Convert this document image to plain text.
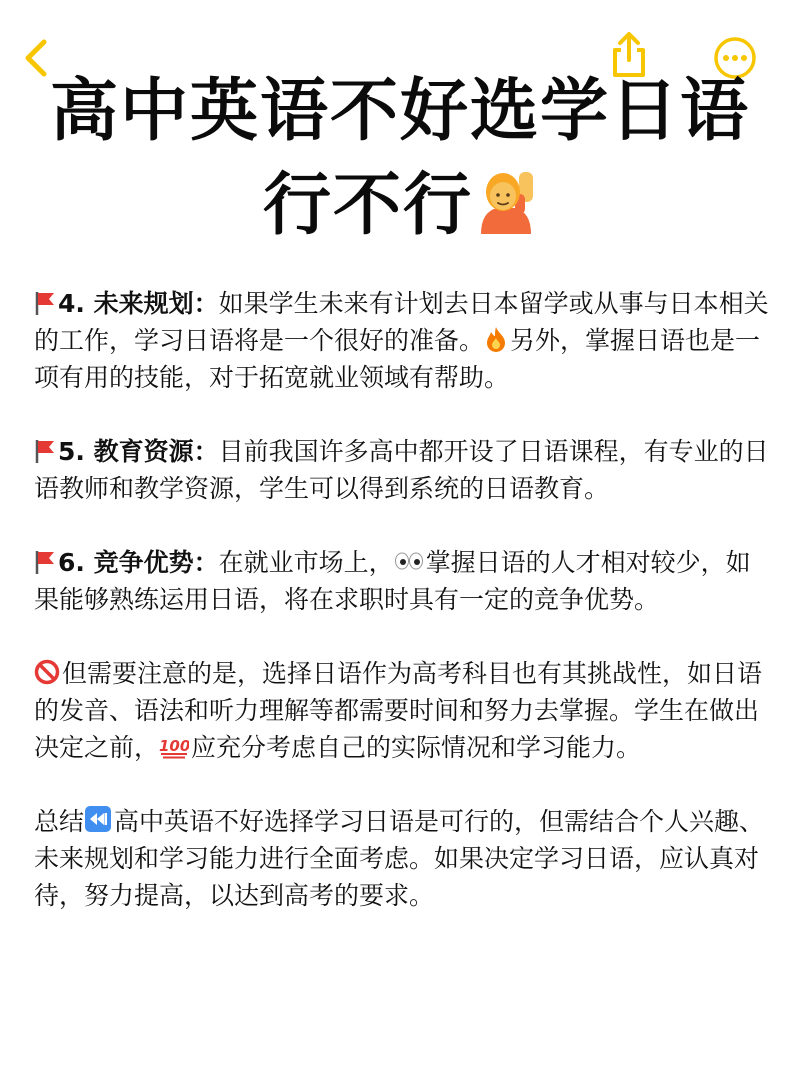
高中英语不好选学日语
行不行

4. 未来规划：如果学生未来有计划去日本留学或从事与日本相关的工作，学习日语将是一个很好的准备。 另外，掌握日语也是一项有用的技能，对于拓宽就业领域有帮助。

5. 教育资源：目前我国许多高中都开设了日语课程，有专业的日语教师和教学资源，学生可以得到系统的日语教育。

6. 竞争优势：在就业市场上， 掌握日语的人才相对较少，如果能够熟练运用日语，将在求职时具有一定的竞争优势。

但需要注意的是，选择日语作为高考科目也有其挑战性，如日语的发音、语法和听力理解等都需要时间和努力去掌握。学生在做出决定之前， 100 应充分考虑自己的实际情况和学习能力。

总结 高中英语不好选择学习日语是可行的，但需结合个人兴趣、未来规划和学习能力进行全面考虑。如果决定学习日语，应认真对待，努力提高，以达到高考的要求。
